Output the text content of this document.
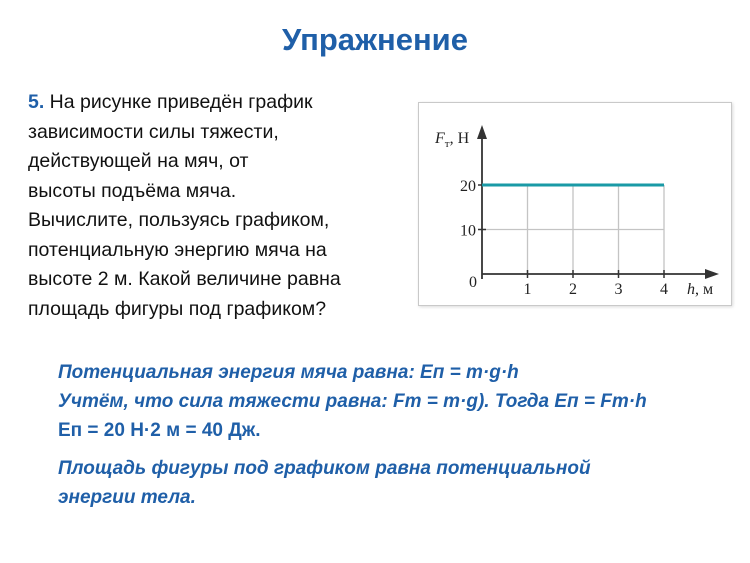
Упражнение
5. На рисунке приведён график
зависимости силы тяжести,
действующей на мяч, от
высоты подъёма мяча.
Вычислите, пользуясь графиком,
потенциальную энергию мяча на
высоте 2 м. Какой величине равна
площадь фигуры под графиком?
0	1 2 3 4
10
20
$F_т$, Н
h, м
Потенциальная энергия мяча равна: Еп = m·g·h
Учтём, что сила тяжести равна: Fт = m·g). Тогда Еп = Fт·h
Еп = 20 Н·2 м = 40 Дж.
Площадь фигуры под графиком равна потенциальной
энергии тела.
